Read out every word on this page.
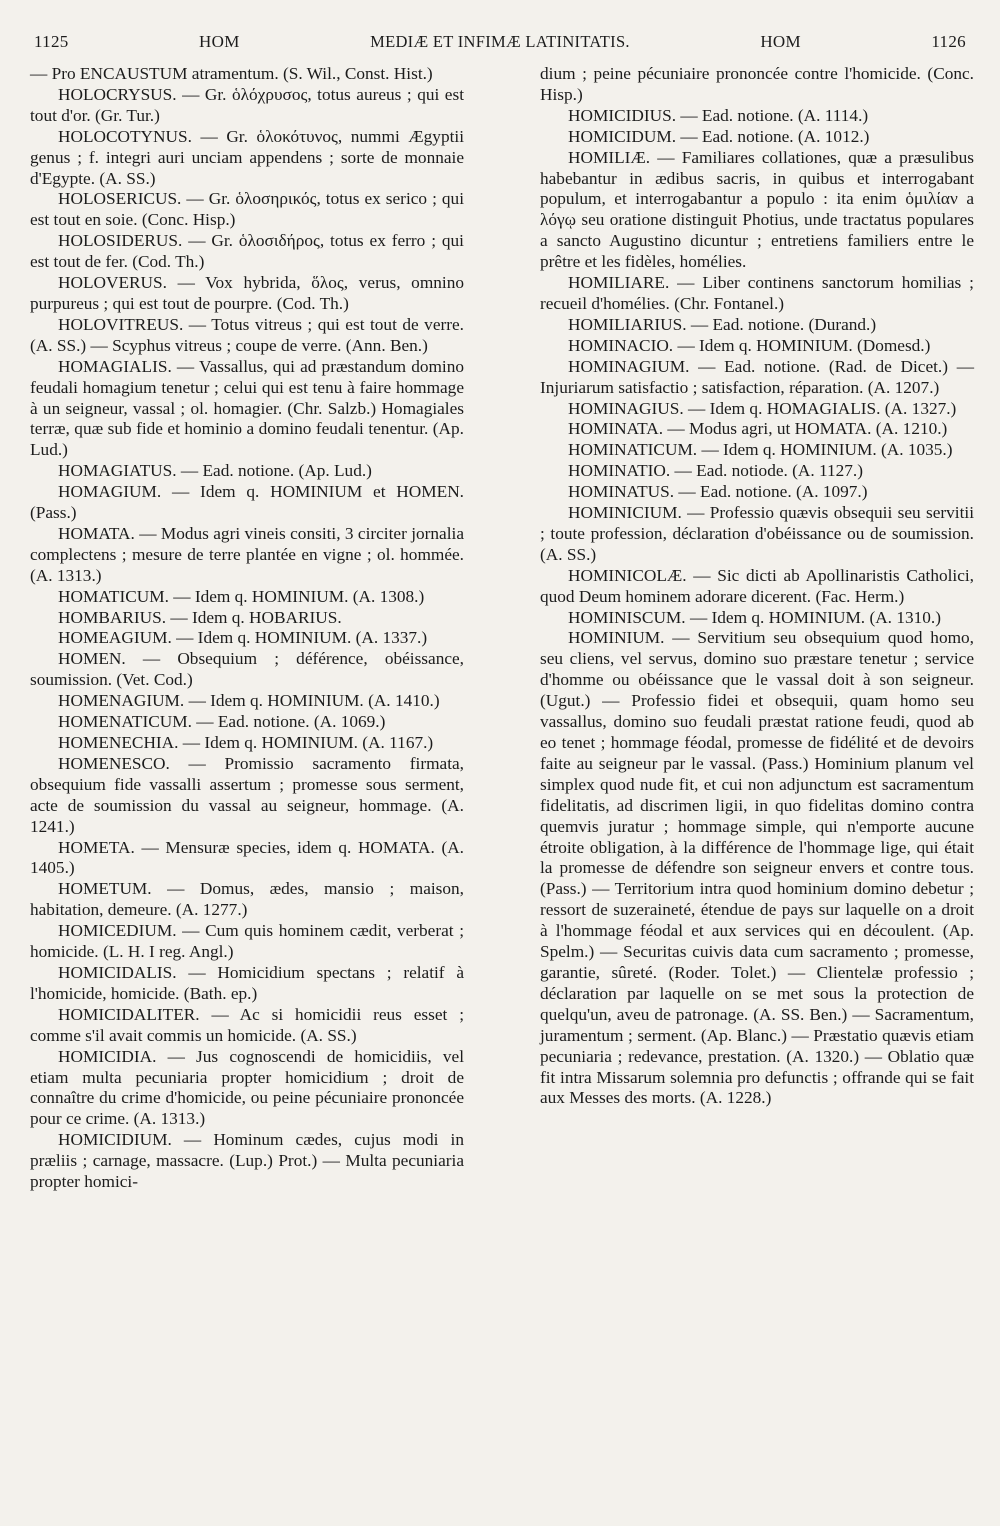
1125	HOM	MEDIÆ ET INFIMÆ LATINITATIS.	HOM	1126

— Pro ENCAUSTUM atramentum. (S. Wil., Const. Hist.)

HOLOCRYSUS. — Gr. ὁλόχρυσος, totus aureus ; qui est tout d'or. (Gr. Tur.)

HOLOCOTYNUS. — Gr. ὁλοκότυνος, nummi Ægyptii genus ; f. integri auri unciam appendens ; sorte de monnaie d'Egypte. (A. SS.)

HOLOSERICUS. — Gr. ὁλοσηρικός, totus ex serico ; qui est tout en soie. (Conc. Hisp.)

HOLOSIDERUS. — Gr. ὁλοσιδήρος, totus ex ferro ; qui est tout de fer. (Cod. Th.)

HOLOVERUS. — Vox hybrida, ὅλος, verus, omnino purpureus ; qui est tout de pourpre. (Cod. Th.)

HOLOVITREUS. — Totus vitreus ; qui est tout de verre. (A. SS.) — Scyphus vitreus ; coupe de verre. (Ann. Ben.)

HOMAGIALIS. — Vassallus, qui ad præstandum domino feudali homagium tenetur ; celui qui est tenu à faire hommage à un seigneur, vassal ; ol. homagier. (Chr. Salzb.) Homagiales terræ, quæ sub fide et hominio a domino feudali tenentur. (Ap. Lud.)

HOMAGIATUS. — Ead. notione. (Ap. Lud.)

HOMAGIUM. — Idem q. HOMINIUM et HOMEN. (Pass.)

HOMATA. — Modus agri vineis consiti, 3 circiter jornalia complectens ; mesure de terre plantée en vigne ; ol. hommée. (A. 1313.)

HOMATICUM. — Idem q. HOMINIUM. (A. 1308.)

HOMBARIUS. — Idem q. HOBARIUS.

HOMEAGIUM. — Idem q. HOMINIUM. (A. 1337.)

HOMEN. — Obsequium ; déférence, obéissance, soumission. (Vet. Cod.)

HOMENAGIUM. — Idem q. HOMINIUM. (A. 1410.)

HOMENATICUM. — Ead. notione. (A. 1069.)

HOMENECHIA. — Idem q. HOMINIUM. (A. 1167.)

HOMENESCO. — Promissio sacramento firmata, obsequium fide vassalli assertum ; promesse sous serment, acte de soumission du vassal au seigneur, hommage. (A. 1241.)

HOMETA. — Mensuræ species, idem q. HOMATA. (A. 1405.)

HOMETUM. — Domus, ædes, mansio ; maison, habitation, demeure. (A. 1277.)

HOMICEDIUM. — Cum quis hominem cædit, verberat ; homicide. (L. H. I reg. Angl.)

HOMICIDALIS. — Homicidium spectans ; relatif à l'homicide, homicide. (Bath. ep.)

HOMICIDALITER. — Ac si homicidii reus esset ; comme s'il avait commis un homicide. (A. SS.)

HOMICIDIA. — Jus cognoscendi de homicidiis, vel etiam multa pecuniaria propter homicidium ; droit de connaître du crime d'homicide, ou peine pécuniaire prononcée pour ce crime. (A. 1313.)

HOMICIDIUM. — Hominum cædes, cujus modi in præliis ; carnage, massacre. (Lup.) Prot.) — Multa pecuniaria propter homici-

dium ; peine pécuniaire prononcée contre l'homicide. (Conc. Hisp.)

HOMICIDIUS. — Ead. notione. (A. 1114.)

HOMICIDUM. — Ead. notione. (A. 1012.)

HOMILIÆ. — Familiares collationes, quæ a præsulibus habebantur in ædibus sacris, in quibus et interrogabant populum, et interrogabantur a populo : ita enim ὁμιλίαν a λόγῳ seu oratione distinguit Photius, unde tractatus populares a sancto Augustino dicuntur ; entretiens familiers entre le prêtre et les fidèles, homélies.

HOMILIARE. — Liber continens sanctorum homilias ; recueil d'homélies. (Chr. Fontanel.)

HOMILIARIUS. — Ead. notione. (Durand.)

HOMINACIO. — Idem q. HOMINIUM. (Domesd.)

HOMINAGIUM. — Ead. notione. (Rad. de Dicet.) — Injuriarum satisfactio ; satisfaction, réparation. (A. 1207.)

HOMINAGIUS. — Idem q. HOMAGIALIS. (A. 1327.)

HOMINATA. — Modus agri, ut HOMATA. (A. 1210.)

HOMINATICUM. — Idem q. HOMINIUM. (A. 1035.)

HOMINATIO. — Ead. notiode. (A. 1127.)

HOMINATUS. — Ead. notione. (A. 1097.)

HOMINICIUM. — Professio quævis obsequii seu servitii ; toute profession, déclaration d'obéissance ou de soumission. (A. SS.)

HOMINICOLÆ. — Sic dicti ab Apollinaristis Catholici, quod Deum hominem adorare dicerent. (Fac. Herm.)

HOMINISCUM. — Idem q. HOMINIUM. (A. 1310.)

HOMINIUM. — Servitium seu obsequium quod homo, seu cliens, vel servus, domino suo præstare tenetur ; service d'homme ou obéissance que le vassal doit à son seigneur. (Ugut.) — Professio fidei et obsequii, quam homo seu vassallus, domino suo feudali præstat ratione feudi, quod ab eo tenet ; hommage féodal, promesse de fidélité et de devoirs faite au seigneur par le vassal. (Pass.) Hominium planum vel simplex quod nude fit, et cui non adjunctum est sacramentum fidelitatis, ad discrimen ligii, in quo fidelitas domino contra quemvis juratur ; hommage simple, qui n'emporte aucune étroite obligation, à la différence de l'hommage lige, qui était la promesse de défendre son seigneur envers et contre tous. (Pass.) — Territorium intra quod hominium domino debetur ; ressort de suzeraineté, étendue de pays sur laquelle on a droit à l'hommage féodal et aux services qui en découlent. (Ap. Spelm.) — Securitas cuivis data cum sacramento ; promesse, garantie, sûreté. (Roder. Tolet.) — Clientelæ professio ; déclaration par laquelle on se met sous la protection de quelqu'un, aveu de patronage. (A. SS. Ben.) — Sacramentum, juramentum ; serment. (Ap. Blanc.) — Præstatio quævis etiam pecuniaria ; redevance, prestation. (A. 1320.) — Oblatio quæ fit intra Missarum solemnia pro defunctis ; offrande qui se fait aux Messes des morts. (A. 1228.)
